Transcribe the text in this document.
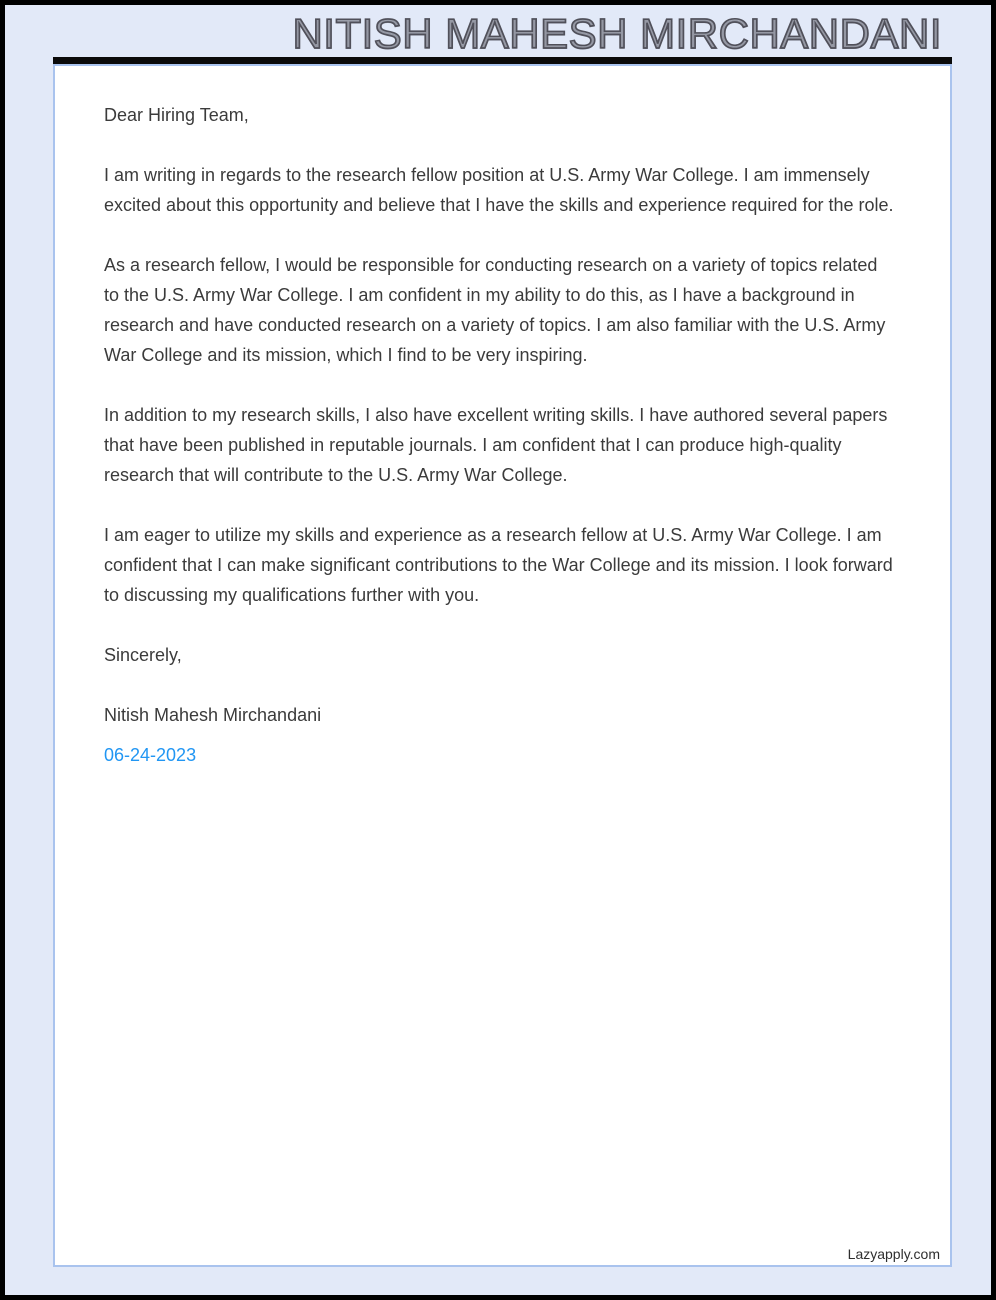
NITISH MAHESH MIRCHANDANI

Dear Hiring Team,

I am writing in regards to the research fellow position at U.S. Army War College. I am immensely excited about this opportunity and believe that I have the skills and experience required for the role.

As a research fellow, I would be responsible for conducting research on a variety of topics related to the U.S. Army War College. I am confident in my ability to do this, as I have a background in research and have conducted research on a variety of topics. I am also familiar with the U.S. Army War College and its mission, which I find to be very inspiring.

In addition to my research skills, I also have excellent writing skills. I have authored several papers that have been published in reputable journals. I am confident that I can produce high-quality research that will contribute to the U.S. Army War College.

I am eager to utilize my skills and experience as a research fellow at U.S. Army War College. I am confident that I can make significant contributions to the War College and its mission. I look forward to discussing my qualifications further with you.

Sincerely,

Nitish Mahesh Mirchandani

06-24-2023

Lazyapply.com
